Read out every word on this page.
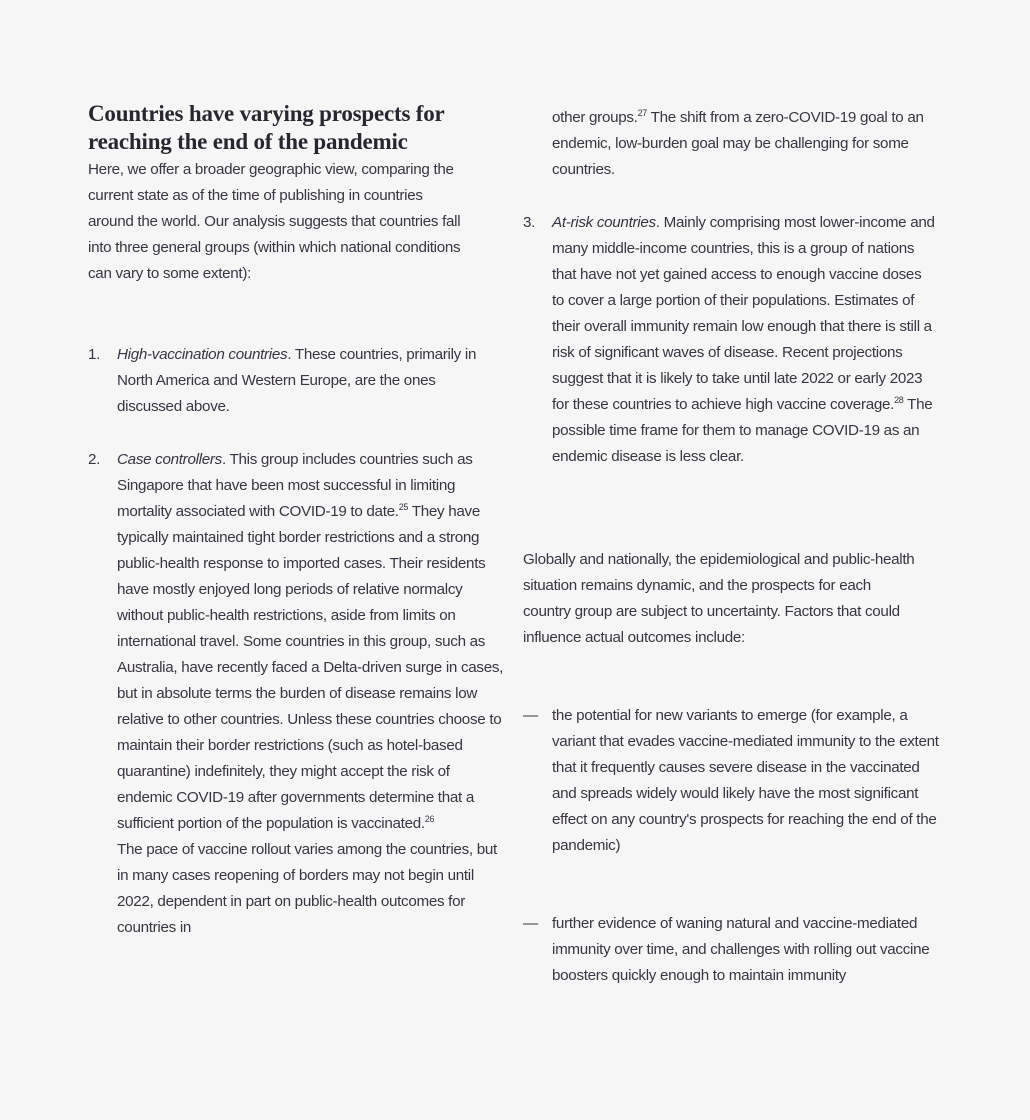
Countries have varying prospects for reaching the end of the pandemic

Here, we offer a broader geographic view, comparing the current state as of the time of publishing in countries around the world. Our analysis suggests that countries fall into three general groups (within which national conditions can vary to some extent):

1. High-vaccination countries. These countries, primarily in North America and Western Europe, are the ones discussed above.
2. Case controllers. This group includes countries such as Singapore that have been most successful in limiting mortality associated with COVID-19 to date.$^{25}$ They have typically maintained tight border restrictions and a strong public-health response to imported cases. Their residents have mostly enjoyed long periods of relative normalcy without public-health restrictions, aside from limits on international travel. Some countries in this group, such as Australia, have recently faced a Delta-driven surge in cases, but in absolute terms the burden of disease remains low relative to other countries. Unless these countries choose to maintain their border restrictions (such as hotel-based quarantine) indefinitely, they might accept the risk of endemic COVID-19 after governments determine that a sufficient portion of the population is vaccinated.$^{26}$
The pace of vaccine rollout varies among the countries, but in many cases reopening of borders may not begin until 2022, dependent in part on public-health outcomes for countries in

other groups.$^{27}$ The shift from a zero-COVID-19 goal to an endemic, low-burden goal may be challenging for some countries.

3. At-risk countries. Mainly comprising most lower-income and many middle-income countries, this is a group of nations that have not yet gained access to enough vaccine doses to cover a large portion of their populations. Estimates of their overall immunity remain low enough that there is still a risk of significant waves of disease. Recent projections suggest that it is likely to take until late 2022 or early 2023 for these countries to achieve high vaccine coverage.$^{28}$ The possible time frame for them to manage COVID-19 as an endemic disease is less clear.

Globally and nationally, the epidemiological and public-health situation remains dynamic, and the prospects for each country group are subject to uncertainty. Factors that could influence actual outcomes include:

— the potential for new variants to emerge (for example, a variant that evades vaccine-mediated immunity to the extent that it frequently causes severe disease in the vaccinated and spreads widely would likely have the most significant effect on any country's prospects for reaching the end of the pandemic)
— further evidence of waning natural and vaccine-mediated immunity over time, and challenges with rolling out vaccine boosters quickly enough to maintain immunity
